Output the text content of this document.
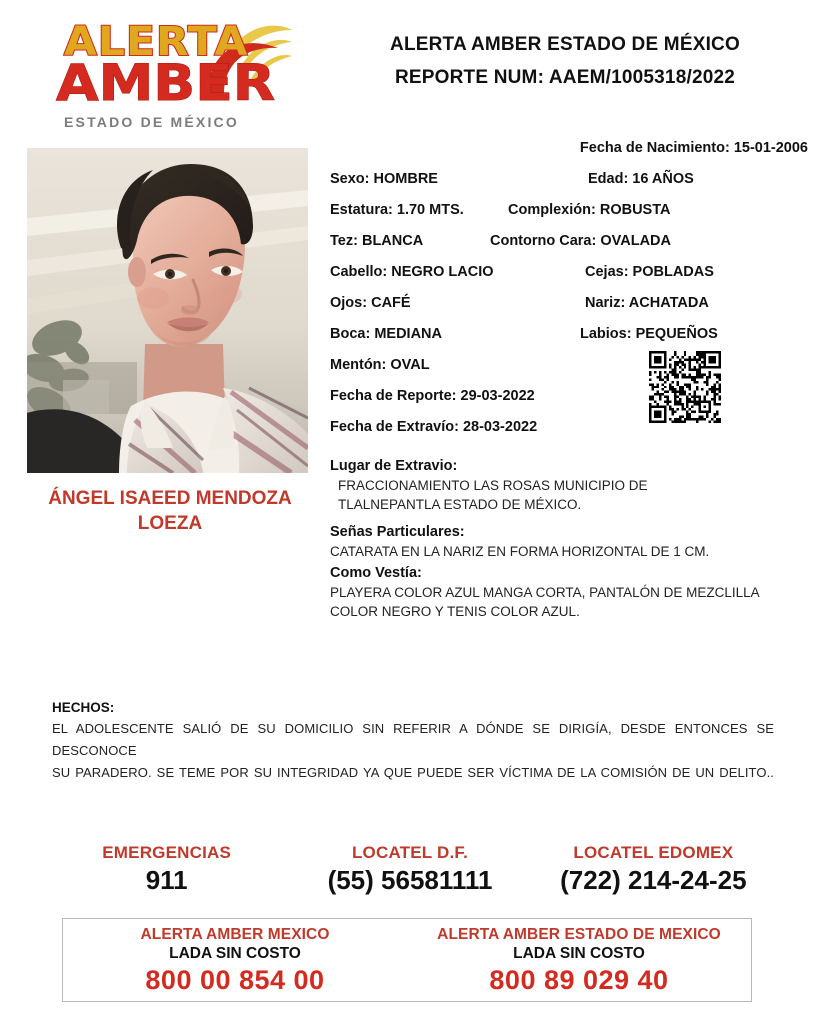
ALERTA
AMBER
ESTADO DE MÉXICO
ALERTA AMBER ESTADO DE MÉXICO
REPORTE NUM: AAEM/1005318/2022
ÁNGEL ISAEED MENDOZA
LOEZA
Fecha de Nacimiento: 15-01-2006
Sexo: HOMBRE	Edad: 16 AÑOS
Estatura: 1.70 MTS.	Complexión: ROBUSTA
Tez: BLANCA	Contorno Cara: OVALADA
Cabello: NEGRO LACIO	Cejas: POBLADAS
Ojos: CAFÉ	Nariz: ACHATADA
Boca: MEDIANA	Labios: PEQUEÑOS
Mentón: OVAL
Fecha de Reporte: 29-03-2022
Fecha de Extravío: 28-03-2022
Lugar de Extravio:
FRACCIONAMIENTO LAS ROSAS MUNICIPIO DE
TLALNEPANTLA ESTADO DE MÉXICO.
Señas Particulares:
CATARATA EN LA NARIZ EN FORMA HORIZONTAL DE 1 CM.
Como Vestía:
PLAYERA COLOR AZUL MANGA CORTA, PANTALÓN DE MEZCLILLA
COLOR NEGRO Y TENIS COLOR AZUL.
HECHOS:
EL ADOLESCENTE SALIÓ DE SU DOMICILIO SIN REFERIR A DÓNDE SE DIRIGÍA, DESDE ENTONCES SE DESCONOCE
SU PARADERO. SE TEME POR SU INTEGRIDAD YA QUE PUEDE SER VÍCTIMA DE LA COMISIÓN DE UN DELITO..
EMERGENCIAS
911
LOCATEL D.F.
(55) 56581111
LOCATEL EDOMEX
(722) 214-24-25
ALERTA AMBER MEXICO
LADA SIN COSTO
800 00 854 00
ALERTA AMBER ESTADO DE MEXICO
LADA SIN COSTO
800 89 029 40
